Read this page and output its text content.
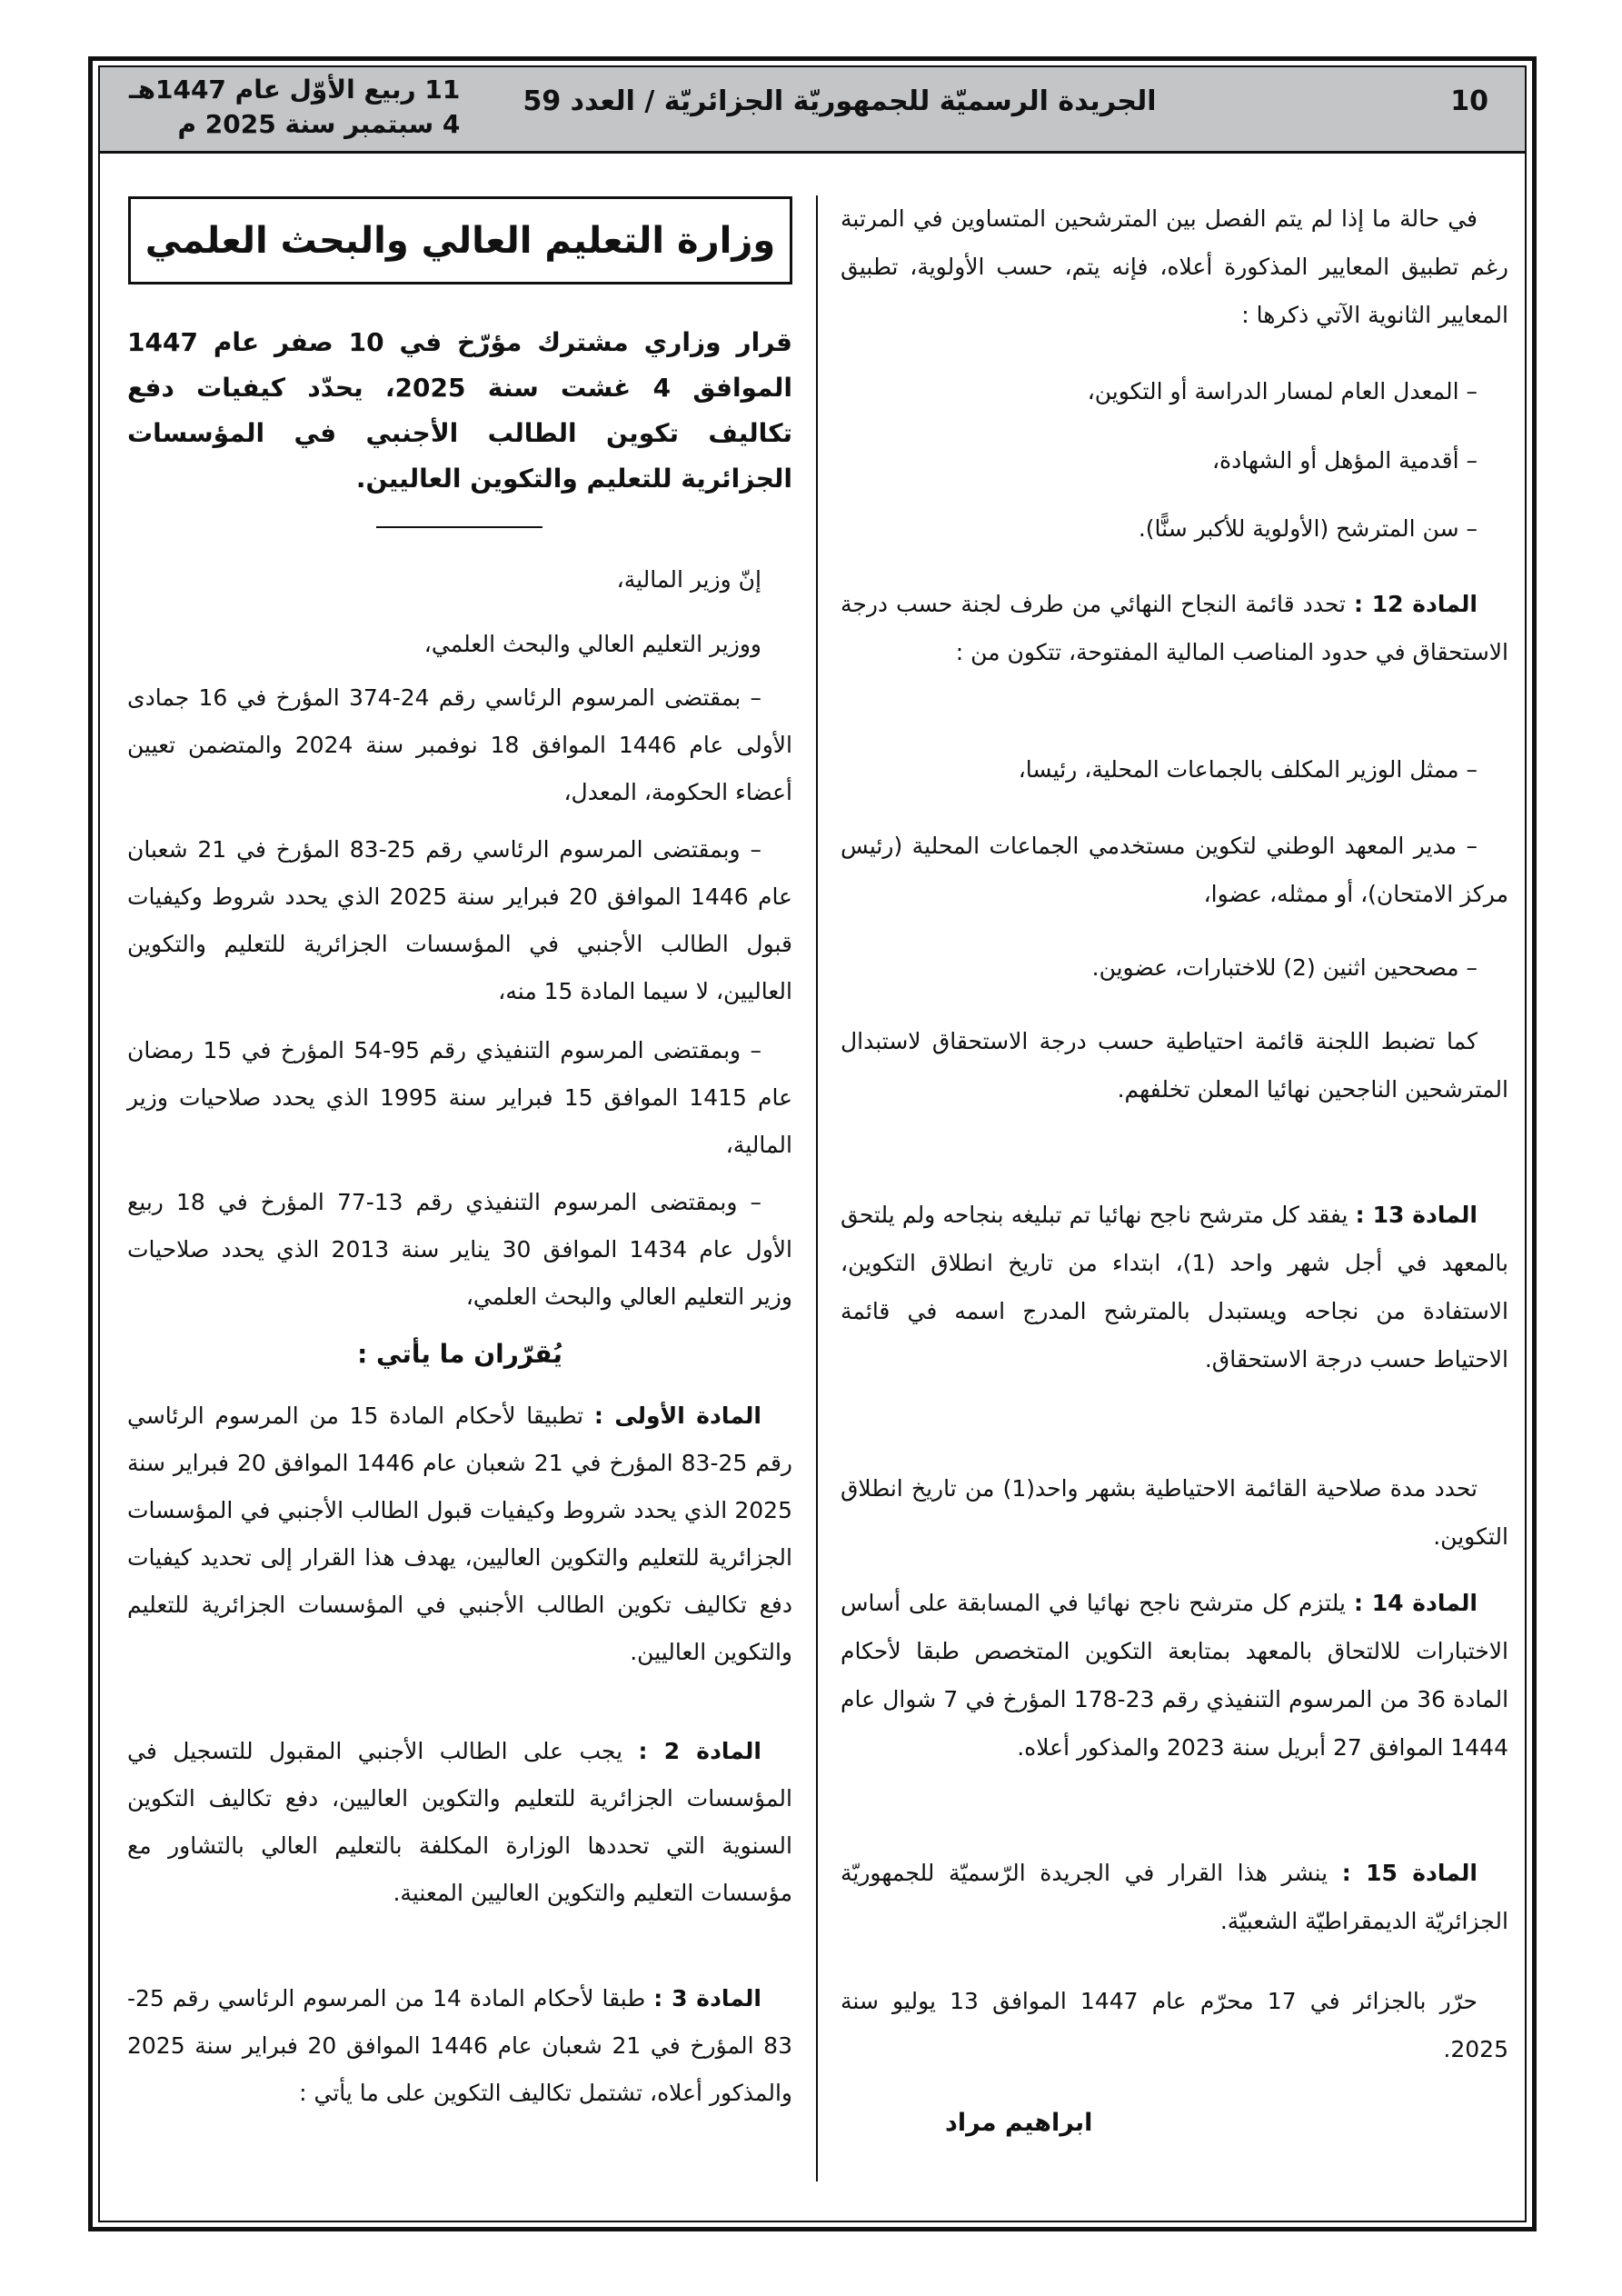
10
الجريدة الرسميّة للجمهوريّة الجزائريّة / العدد 59
11 ربيع الأوّل عام 1447هـ
4 سبتمبر سنة 2025 م
في حالة ما إذا لم يتم الفصل بين المترشحين المتساوين في المرتبة رغم تطبيق المعايير المذكورة أعلاه، فإنه يتم، حسب الأولوية، تطبيق المعايير الثانوية الآتي ذكرها :
– المعدل العام لمسار الدراسة أو التكوين،
– أقدمية المؤهل أو الشهادة،
– سن المترشح (الأولوية للأكبر سنًّا).
المادة 12 : تحدد قائمة النجاح النهائي من طرف لجنة حسب درجة الاستحقاق في حدود المناصب المالية المفتوحة، تتكون من :
– ممثل الوزير المكلف بالجماعات المحلية، رئيسا،
– مدير المعهد الوطني لتكوين مستخدمي الجماعات المحلية (رئيس مركز الامتحان)، أو ممثله، عضوا،
– مصححين اثنين (2) للاختبارات، عضوين.
كما تضبط اللجنة قائمة احتياطية حسب درجة الاستحقاق لاستبدال المترشحين الناجحين نهائيا المعلن تخلفهم.
المادة 13 : يفقد كل مترشح ناجح نهائيا تم تبليغه بنجاحه ولم يلتحق بالمعهد في أجل شهر واحد (1)، ابتداء من تاريخ انطلاق التكوين، الاستفادة من نجاحه ويستبدل بالمترشح المدرج اسمه في قائمة الاحتياط حسب درجة الاستحقاق.
تحدد مدة صلاحية القائمة الاحتياطية بشهر واحد(1) من تاريخ انطلاق التكوين.
المادة 14 : يلتزم كل مترشح ناجح نهائيا في المسابقة على أساس الاختبارات للالتحاق بالمعهد بمتابعة التكوين المتخصص طبقا لأحكام المادة 36 من المرسوم التنفيذي رقم 23-178 المؤرخ في 7 شوال عام 1444 الموافق 27 أبريل سنة 2023 والمذكور أعلاه.
المادة 15 : ينشر هذا القرار في الجريدة الرّسميّة للجمهوريّة الجزائريّة الديمقراطيّة الشعبيّة.
حرّر بالجزائر في 17 محرّم عام 1447 الموافق 13 يوليو سنة 2025.
ابراهيم مراد
وزارة التعليم العالي والبحث العلمي
قرار وزاري مشترك مؤرّخ في 10 صفر عام 1447 الموافق 4 غشت سنة 2025، يحدّد كيفيات دفع تكاليف تكوين الطالب الأجنبي في المؤسسات الجزائرية للتعليم والتكوين العاليين.
إنّ وزير المالية،
ووزير التعليم العالي والبحث العلمي،
– بمقتضى المرسوم الرئاسي رقم 24-374 المؤرخ في 16 جمادى الأولى عام 1446 الموافق 18 نوفمبر سنة 2024 والمتضمن تعيين أعضاء الحكومة، المعدل،
– وبمقتضى المرسوم الرئاسي رقم 25-83 المؤرخ في 21 شعبان عام 1446 الموافق 20 فبراير سنة 2025 الذي يحدد شروط وكيفيات قبول الطالب الأجنبي في المؤسسات الجزائرية للتعليم والتكوين العاليين، لا سيما المادة 15 منه،
– وبمقتضى المرسوم التنفيذي رقم 95-54 المؤرخ في 15 رمضان عام 1415 الموافق 15 فبراير سنة 1995 الذي يحدد صلاحيات وزير المالية،
– وبمقتضى المرسوم التنفيذي رقم 13-77 المؤرخ في 18 ربيع الأول عام 1434 الموافق 30 يناير سنة 2013 الذي يحدد صلاحيات وزير التعليم العالي والبحث العلمي،
يُقرّران ما يأتي :
المادة الأولى : تطبيقا لأحكام المادة 15 من المرسوم الرئاسي رقم 25-83 المؤرخ في 21 شعبان عام 1446 الموافق 20 فبراير سنة 2025 الذي يحدد شروط وكيفيات قبول الطالب الأجنبي في المؤسسات الجزائرية للتعليم والتكوين العاليين، يهدف هذا القرار إلى تحديد كيفيات دفع تكاليف تكوين الطالب الأجنبي في المؤسسات الجزائرية للتعليم والتكوين العاليين.
المادة 2 : يجب على الطالب الأجنبي المقبول للتسجيل في المؤسسات الجزائرية للتعليم والتكوين العاليين، دفع تكاليف التكوين السنوية التي تحددها الوزارة المكلفة بالتعليم العالي بالتشاور مع مؤسسات التعليم والتكوين العاليين المعنية.
المادة 3 : طبقا لأحكام المادة 14 من المرسوم الرئاسي رقم 25-83 المؤرخ في 21 شعبان عام 1446 الموافق 20 فبراير سنة 2025 والمذكور أعلاه، تشتمل تكاليف التكوين على ما يأتي :
